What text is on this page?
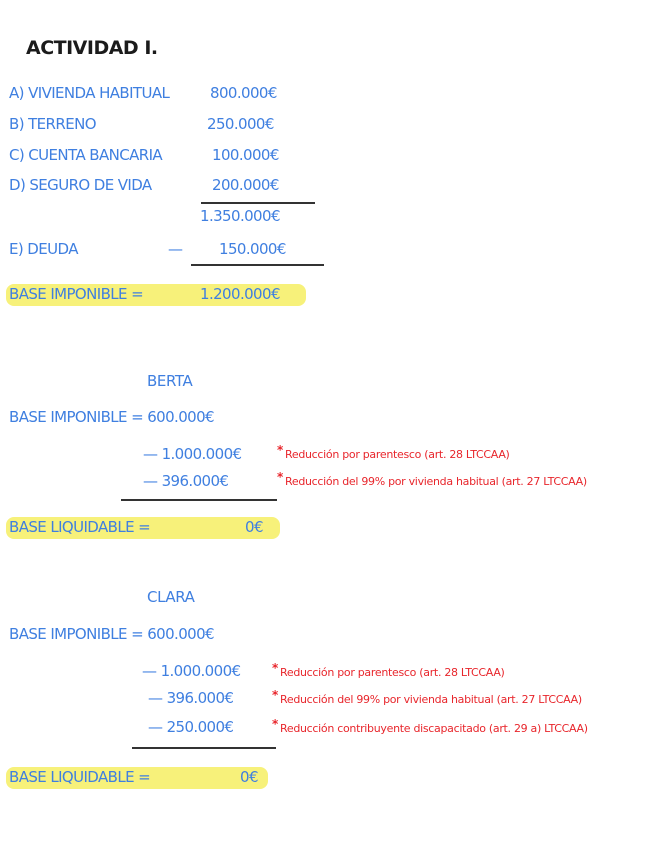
ACTIVIDAD I.
A) VIVIENDA HABITUAL	800.000€
B) TERRENO	250.000€
C) CUENTA BANCARIA	100.000€
D) SEGURO DE VIDA	200.000€
1.350.000€
E) DEUDA	— 150.000€
BASE IMPONIBLE =	1.200.000€
BERTA
BASE IMPONIBLE = 600.000€
— 1.000.000€	* Reducción por parentesco (art. 28 LTCCAA)
— 396.000€	* Reducción del 99% por vivienda habitual (art. 27 LTCCAA)
BASE LIQUIDABLE =	0€
CLARA
BASE IMPONIBLE = 600.000€
— 1.000.000€	* Reducción por parentesco (art. 28 LTCCAA)
— 396.000€	* Reducción del 99% por vivienda habitual (art. 27 LTCCAA)
— 250.000€	* Reducción contribuyente discapacitado (art. 29 a) LTCCAA)
BASE LIQUIDABLE =	0€
